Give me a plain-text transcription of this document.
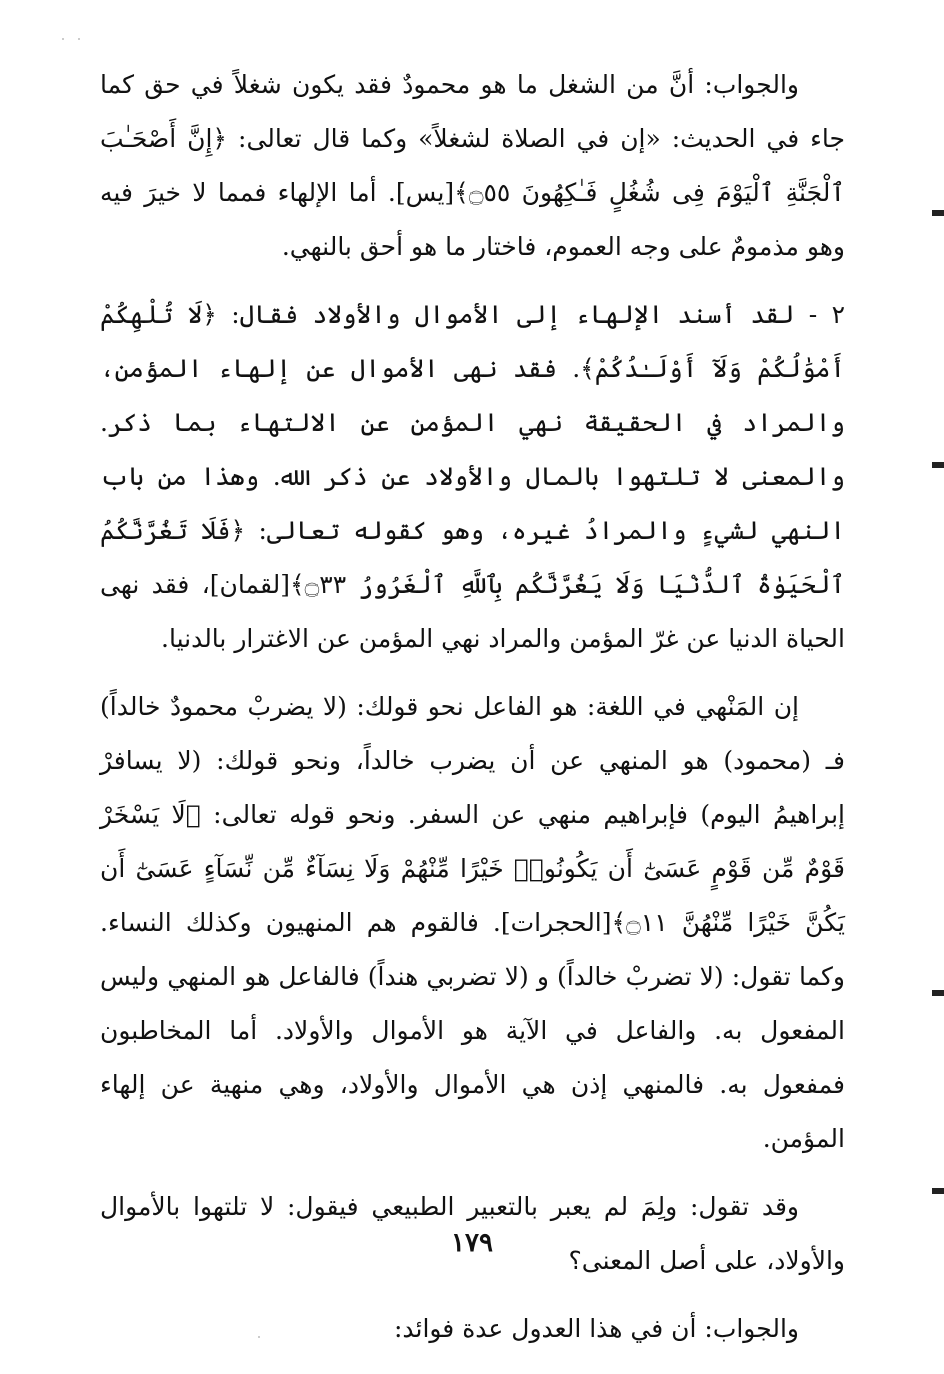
والجواب: أنَّ من الشغل ما هو محمودٌ فقد يكون شغلاً في حق كما جاء في الحديث: «إن في الصلاة لشغلاً» وكما قال تعالى: ﴿إِنَّ أَصْحَـٰبَ ٱلْجَنَّةِ ٱلْيَوْمَ فِى شُغُلٍ فَـٰكِهُونَ ۝٥٥﴾[يس]. أما الإلهاء فمما لا خيرَ فيه وهو مذمومٌ على وجه العموم، فاختار ما هو أحق بالنهي.

٢ - لقد أسند الإلهاء إلى الأموال والأولاد فقال: ﴿لَا تُلْهِكُمْ أَمْوَٰلُكُمْ وَلَآ أَوْلَـٰدُكُمْ﴾. فقد نهى الأموال عن إلهاء المؤمن، والمراد في الحقيقة نهي المؤمن عن الالتهاء بما ذكر. والمعنى لا تلتهوا بالمال والأولاد عن ذكر الله. وهذا من باب النهي لشيءٍ والمرادُ غيره، وهو كقوله تعالى: ﴿فَلَا تَغُرَّنَّكُمُ ٱلْحَيَوٰةُ ٱلدُّنْيَا وَلَا يَغُرَّنَّكُم بِٱللَّهِ ٱلْغَرُورُ ۝٣٣﴾[لقمان]، فقد نهى الحياة الدنيا عن غرّ المؤمن والمراد نهي المؤمن عن الاغترار بالدنيا.

إن المَنْهي في اللغة: هو الفاعل نحو قولك: (لا يضربْ محمودٌ خالداً) فـ (محمود) هو المنهي عن أن يضرب خالداً، ونحو قولك: (لا يسافرْ إبراهيمُ اليوم) فإبراهيم منهي عن السفر. ونحو قوله تعالى: ﴿لَا يَسْخَرْ قَوْمٌ مِّن قَوْمٍ عَسَىٰٓ أَن يَكُونُوا۟ خَيْرًا مِّنْهُمْ وَلَا نِسَآءٌ مِّن نِّسَآءٍ عَسَىٰٓ أَن يَكُنَّ خَيْرًا مِّنْهُنَّ ۝١١﴾[الحجرات]. فالقوم هم المنهيون وكذلك النساء. وكما تقول: (لا تضربْ خالداً) و (لا تضربي هنداً) فالفاعل هو المنهي وليس المفعول به. والفاعل في الآية هو الأموال والأولاد. أما المخاطبون فمفعول به. فالمنهي إذن هي الأموال والأولاد، وهي منهية عن إلهاء المؤمن.

وقد تقول: ولِمَ لم يعبر بالتعبير الطبيعي فيقول: لا تلتهوا بالأموال والأولاد، على أصل المعنى؟

والجواب: أن في هذا العدول عدة فوائد:

١٧٩
